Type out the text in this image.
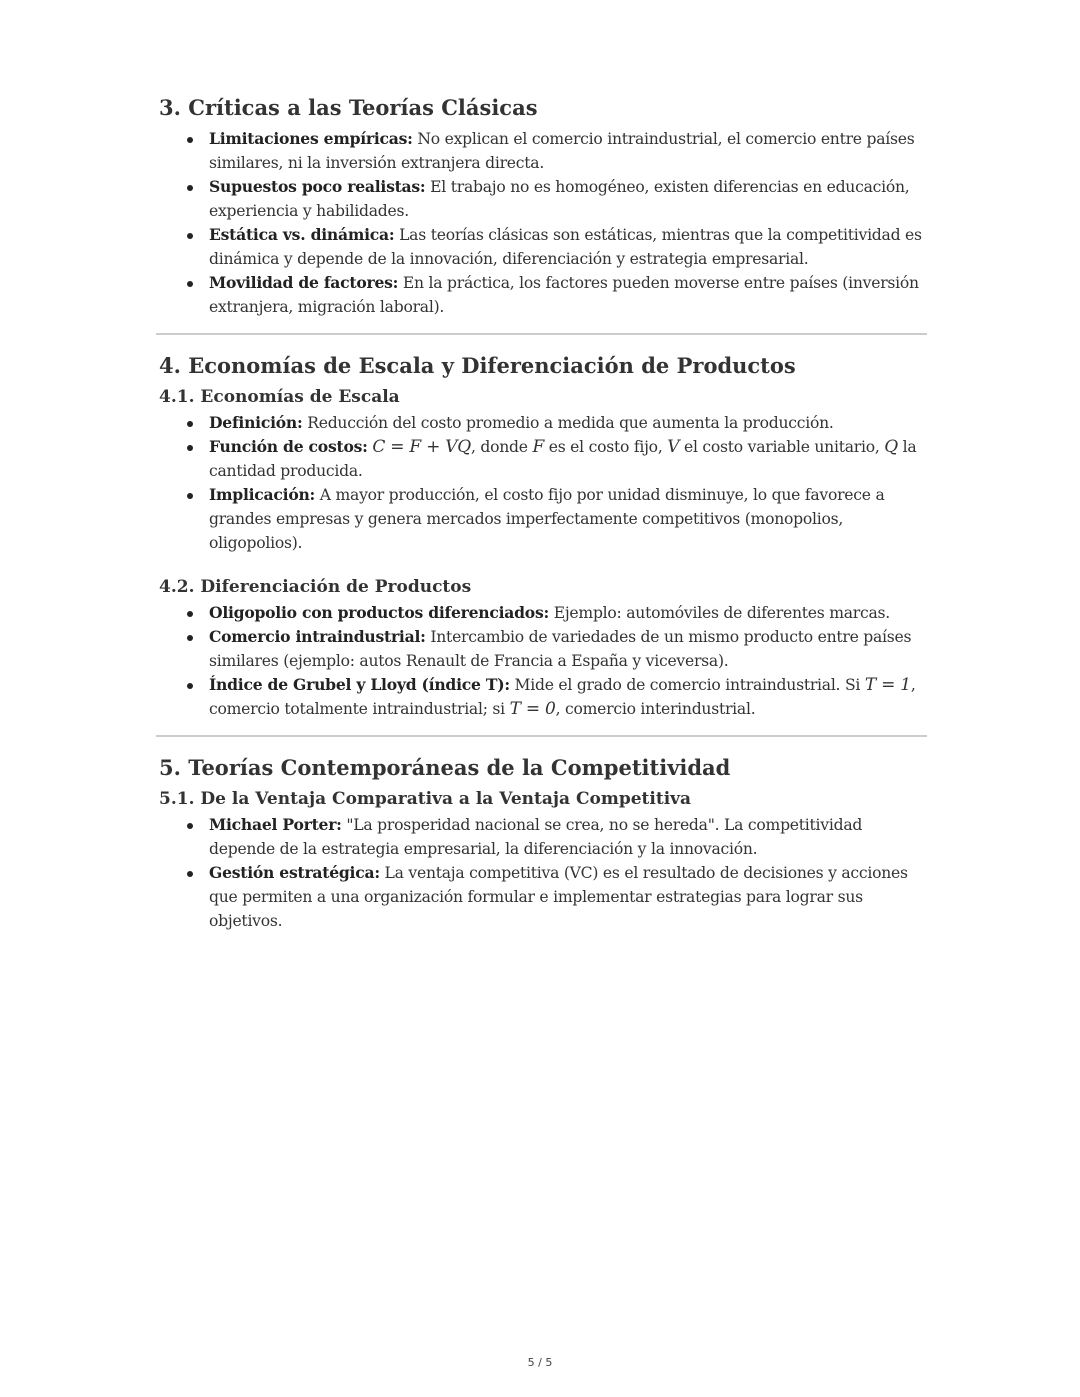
3. Críticas a las Teorías Clásicas
Limitaciones empíricas: No explican el comercio intraindustrial, el comercio entre países similares, ni la inversión extranjera directa.
Supuestos poco realistas: El trabajo no es homogéneo, existen diferencias en educación, experiencia y habilidades.
Estática vs. dinámica: Las teorías clásicas son estáticas, mientras que la competitividad es dinámica y depende de la innovación, diferenciación y estrategia empresarial.
Movilidad de factores: En la práctica, los factores pueden moverse entre países (inversión extranjera, migración laboral).
4. Economías de Escala y Diferenciación de Productos
4.1. Economías de Escala
Definición: Reducción del costo promedio a medida que aumenta la producción.
Función de costos: C = F + VQ, donde F es el costo fijo, V el costo variable unitario, Q la cantidad producida.
Implicación: A mayor producción, el costo fijo por unidad disminuye, lo que favorece a grandes empresas y genera mercados imperfectamente competitivos (monopolios, oligopolios).
4.2. Diferenciación de Productos
Oligopolio con productos diferenciados: Ejemplo: automóviles de diferentes marcas.
Comercio intraindustrial: Intercambio de variedades de un mismo producto entre países similares (ejemplo: autos Renault de Francia a España y viceversa).
Índice de Grubel y Lloyd (índice T): Mide el grado de comercio intraindustrial. Si T = 1, comercio totalmente intraindustrial; si T = 0, comercio interindustrial.
5. Teorías Contemporáneas de la Competitividad
5.1. De la Ventaja Comparativa a la Ventaja Competitiva
Michael Porter: "La prosperidad nacional se crea, no se hereda". La competitividad depende de la estrategia empresarial, la diferenciación y la innovación.
Gestión estratégica: La ventaja competitiva (VC) es el resultado de decisiones y acciones que permiten a una organización formular e implementar estrategias para lograr sus objetivos.
5 / 5
